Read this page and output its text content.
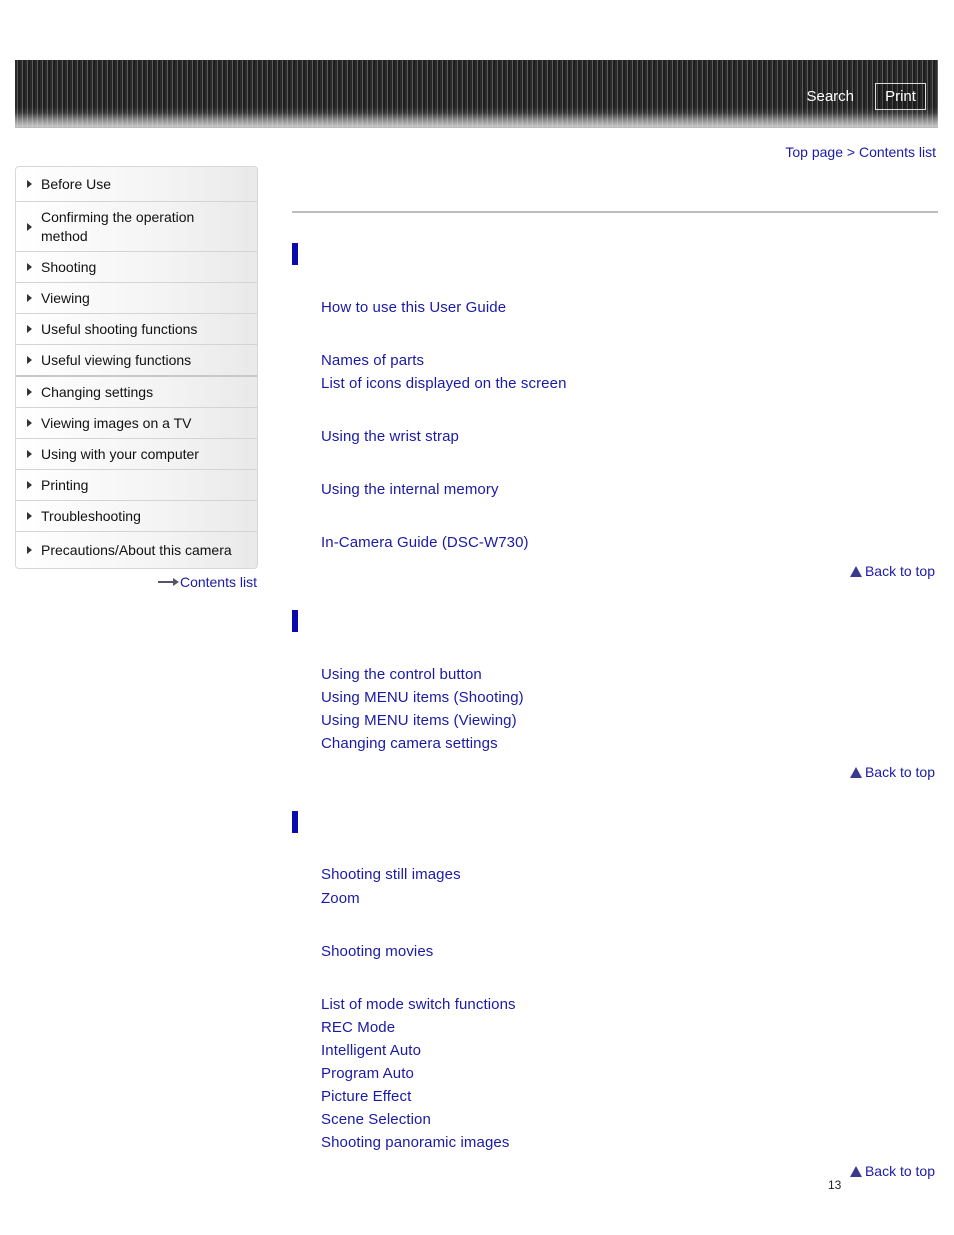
Search	Print
Top page > Contents list
Before Use
Confirming the operation method
Shooting
Viewing
Useful shooting functions
Useful viewing functions
Changing settings
Viewing images on a TV
Using with your computer
Printing
Troubleshooting
Precautions/About this camera
Contents list
How to use this User Guide
Names of parts
List of icons displayed on the screen
Using the wrist strap
Using the internal memory
In-Camera Guide (DSC-W730)
Back to top
Using the control button
Using MENU items (Shooting)
Using MENU items (Viewing)
Changing camera settings
Back to top
Shooting still images
Zoom
Shooting movies
List of mode switch functions
REC Mode
Intelligent Auto
Program Auto
Picture Effect
Scene Selection
Shooting panoramic images
Back to top
13
